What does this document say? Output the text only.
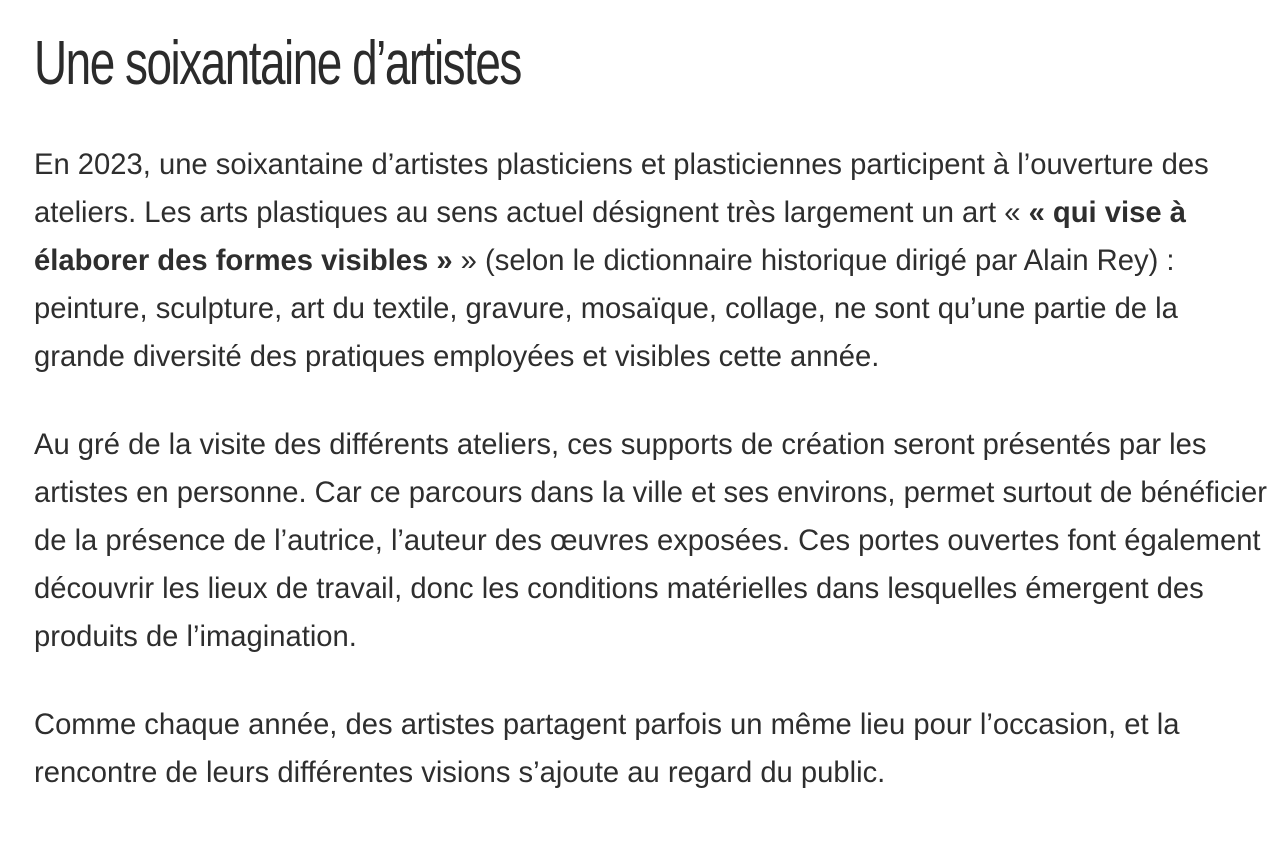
Une soixantaine d’artistes

En 2023, une soixantaine d’artistes plasticiens et plasticiennes participent à l’ouverture des ateliers. Les arts plastiques au sens actuel désignent très largement un art « « qui vise à élaborer des formes visibles » » (selon le dictionnaire historique dirigé par Alain Rey) : peinture, sculpture, art du textile, gravure, mosaïque, collage, ne sont qu’une partie de la grande diversité des pratiques employées et visibles cette année.

Au gré de la visite des différents ateliers, ces supports de création seront présentés par les artistes en personne. Car ce parcours dans la ville et ses environs, permet surtout de bénéficier de la présence de l’autrice, l’auteur des œuvres exposées. Ces portes ouvertes font également découvrir les lieux de travail, donc les conditions matérielles dans lesquelles émergent des produits de l’imagination.

Comme chaque année, des artistes partagent parfois un même lieu pour l’occasion, et la rencontre de leurs différentes visions s’ajoute au regard du public.
